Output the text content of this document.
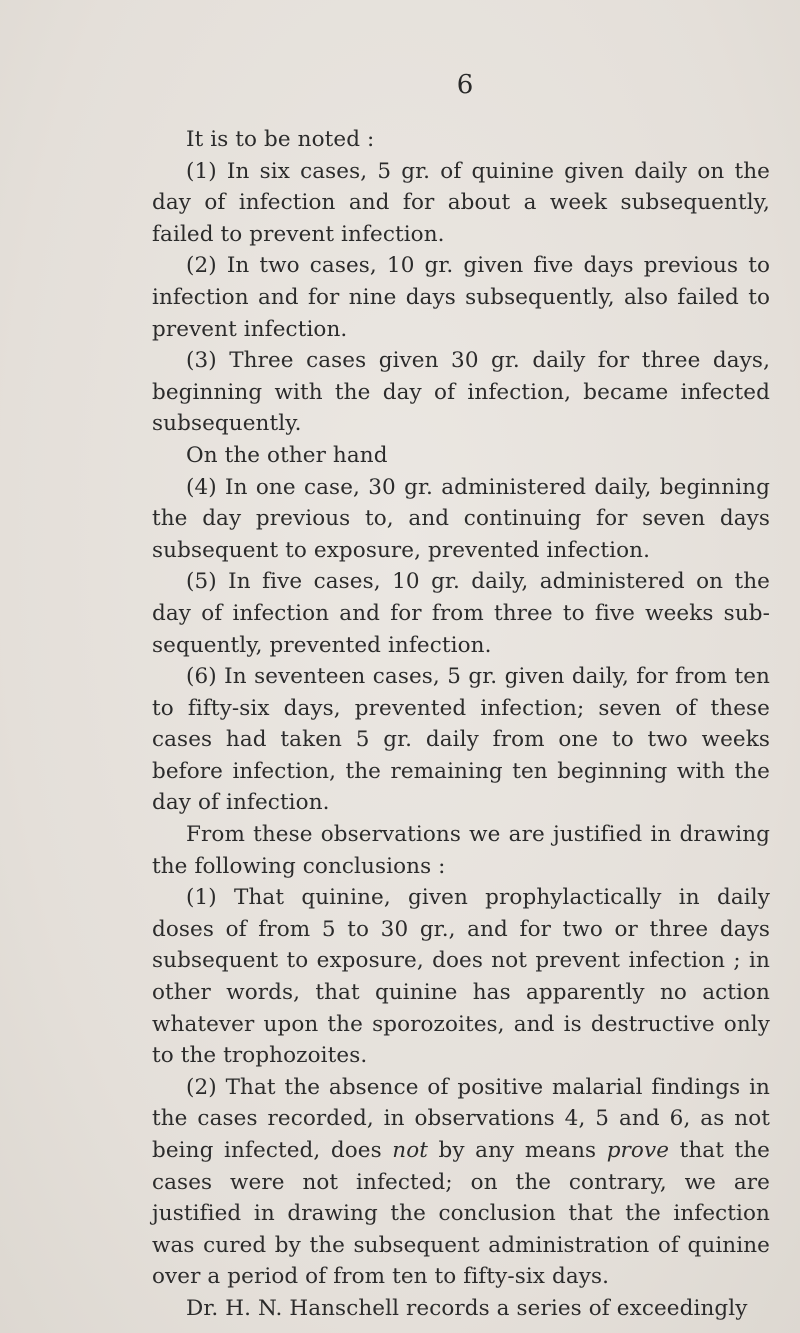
6

It is to be noted :

(1) In six cases, 5 gr. of quinine given daily on the day of infection and for about a week subsequently, failed to prevent infection.

(2) In two cases, 10 gr. given five days previous to infection and for nine days subsequently, also failed to prevent infection.

(3) Three cases given 30 gr. daily for three days, beginning with the day of infection, became infected subsequently.

On the other hand

(4) In one case, 30 gr. administered daily, beginning the day previous to, and continuing for seven days subsequent to exposure, prevented infection.

(5) In five cases, 10 gr. daily, administered on the day of infection and for from three to five weeks sub-sequently, prevented infection.

(6) In seventeen cases, 5 gr. given daily, for from ten to fifty-six days, prevented infection; seven of these cases had taken 5 gr. daily from one to two weeks before infection, the remaining ten beginning with the day of infection.

From these observations we are justified in drawing the following conclusions :

(1) That quinine, given prophylactically in daily doses of from 5 to 30 gr., and for two or three days subsequent to exposure, does not prevent infection ; in other words, that quinine has apparently no action whatever upon the sporozoites, and is destructive only to the trophozoites.

(2) That the absence of positive malarial findings in the cases recorded, in observations 4, 5 and 6, as not being infected, does not by any means prove that the cases were not infected; on the contrary, we are justified in drawing the conclusion that the infection was cured by the subsequent administration of quinine over a period of from ten to fifty-six days.

Dr. H. N. Hanschell records a series of exceedingly
